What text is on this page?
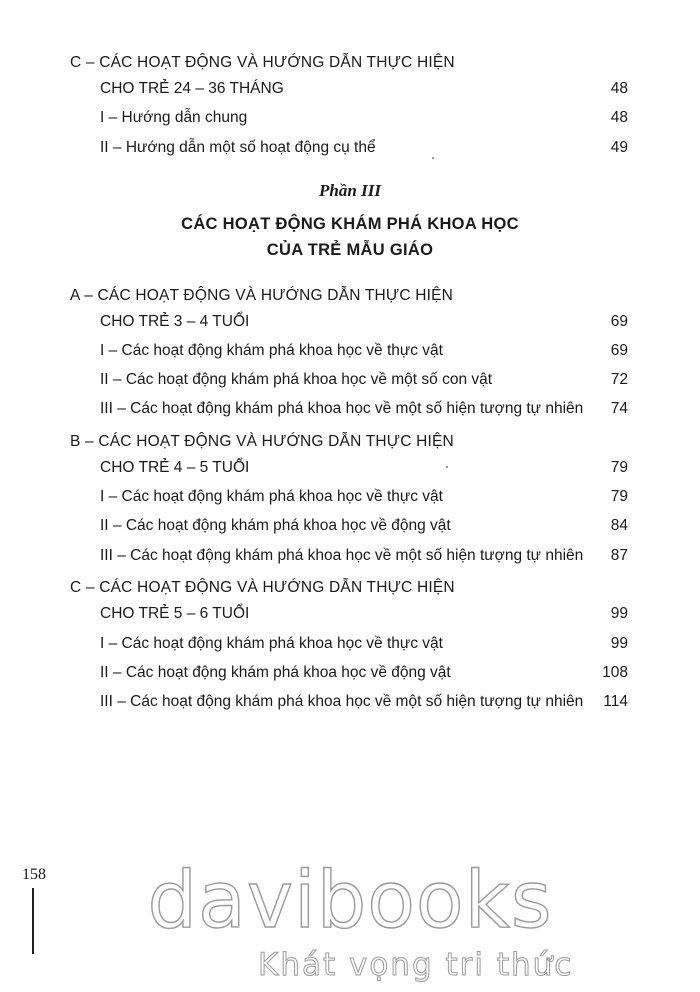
C – CÁC HOẠT ĐỘNG VÀ HƯỚNG DẪN THỰC HIỆN
CHO TRẺ 24 – 36 THÁNG	48
I – Hướng dẫn chung	48
II – Hướng dẫn một số hoạt động cụ thể	49
Phần III
CÁC HOẠT ĐỘNG KHÁM PHÁ KHOA HỌC
CỦA TRẺ MẪU GIÁO
A – CÁC HOẠT ĐỘNG VÀ HƯỚNG DẪN THỰC HIỆN
CHO TRẺ 3 – 4 TUỔI	69
I – Các hoạt động khám phá khoa học về thực vật	69
II – Các hoạt động khám phá khoa học về một số con vật	72
III – Các hoạt động khám phá khoa học về một số hiện tượng tự nhiên 74
B – CÁC HOẠT ĐỘNG VÀ HƯỚNG DẪN THỰC HIỆN
CHO TRẺ 4 – 5 TUỔI	79
I – Các hoạt động khám phá khoa học về thực vật	79
II – Các hoạt động khám phá khoa học về động vật	84
III – Các hoạt động khám phá khoa học về một số hiện tượng tự nhiên 87
C – CÁC HOẠT ĐỘNG VÀ HƯỚNG DẪN THỰC HIỆN
CHO TRẺ 5 – 6 TUỔI	99
I – Các hoạt động khám phá khoa học về thực vật	99
II – Các hoạt động khám phá khoa học về động vật	108
III – Các hoạt động khám phá khoa học về một số hiện tượng tự nhiên 114
158	davibooks
Khát vọng tri thức
